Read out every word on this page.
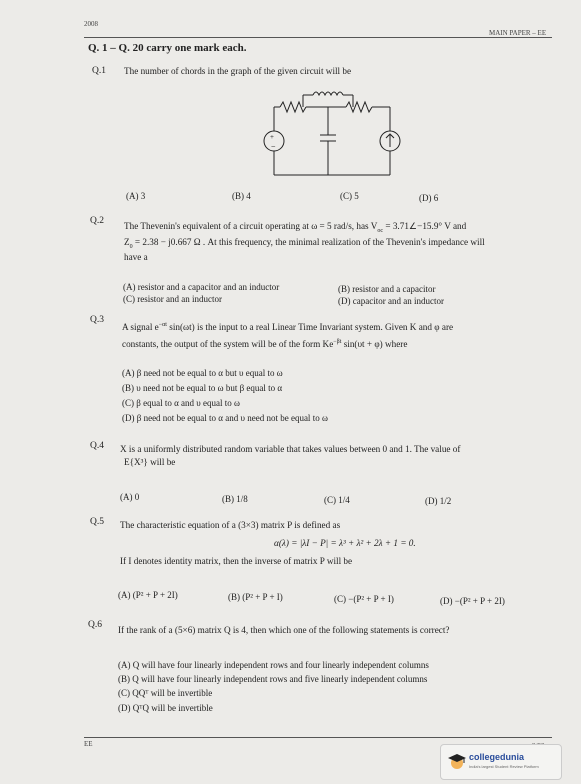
2008
MAIN PAPER – EE
Q. 1 – Q. 20 carry one mark each.
Q.1 The number of chords in the graph of the given circuit will be
+
−
(A) 3	(B) 4	(C) 5	(D) 6
Q.2 The Thevenin's equivalent of a circuit operating at ω = 5 rad/s, has $V_{oc}$ = 3.71∠−15.9° V and
$Z_0 = 2.38 - j0.667$ Ω . At this frequency, the minimal realization of the Thevenin's impedance will
have a
(A) resistor and a capacitor and an inductor	(B) resistor and a capacitor
(C) resistor and an inductor	(D) capacitor and an inductor
Q.3
A signal $e^{-\alpha t}$ sin(ωt) is the input to a real Linear Time Invariant system. Given K and φ are
constants, the output of the system will be of the form $Ke^{-\beta t}$ sin(υt + φ) where
(A) β need not be equal to α but υ equal to ω
(B) υ need not be equal to ω but β equal to α
(C) β equal to α and υ equal to ω
(D) β need not be equal to α and υ need not be equal to ω
Q.4 X is a uniformly distributed random variable that takes values between 0 and 1. The value of
E{X³} will be
(A) 0	(B) 1/8	(C) 1/4	(D) 1/2
Q.5 The characteristic equation of a (3×3) matrix P is defined as
α(λ) = |λI − P| = λ³ + λ² + 2λ + 1 = 0.
If I denotes identity matrix, then the inverse of matrix P will be
(A) (P² + P + 2I)	(B) (P² + P + I)	(C) −(P² + P + I)	(D) −(P² + P + 2I)
Q.6 If the rank of a (5×6) matrix Q is 4, then which one of the following statements is correct?
(A) Q will have four linearly independent rows and four linearly independent columns
(B) Q will have four linearly independent rows and five linearly independent columns
(C) QQᵀ will be invertible
(D) QᵀQ will be invertible
EE
collegedunia
India's largest Student Review Platform
